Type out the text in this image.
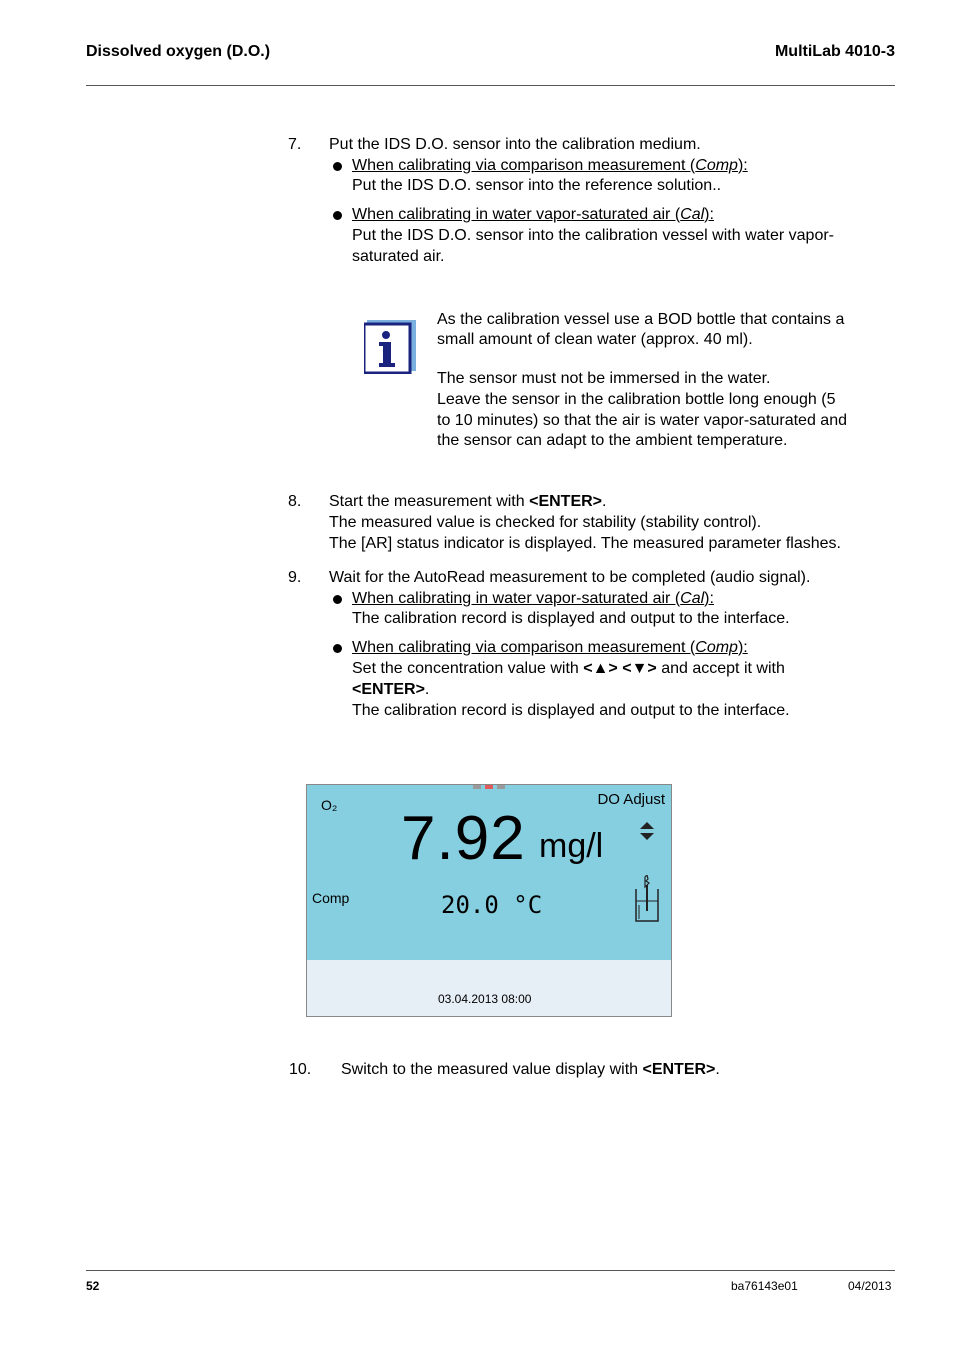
Dissolved oxygen (D.O.)	MultiLab 4010-3
7. Put the IDS D.O. sensor into the calibration medium.
When calibrating via comparison measurement (Comp):
Put the IDS D.O. sensor into the reference solution..
When calibrating in water vapor-saturated air (Cal):
Put the IDS D.O. sensor into the calibration vessel with water vapor-
saturated air.
As the calibration vessel use a BOD bottle that contains a
small amount of clean water (approx. 40 ml).
The sensor must not be immersed in the water.
Leave the sensor in the calibration bottle long enough (5
to 10 minutes) so that the air is water vapor-saturated and
the sensor can adapt to the ambient temperature.
8. Start the measurement with <ENTER>.
The measured value is checked for stability (stability control).
The [AR] status indicator is displayed. The measured parameter flashes.
9. Wait for the AutoRead measurement to be completed (audio signal).
When calibrating in water vapor-saturated air (Cal):
The calibration record is displayed and output to the interface.
When calibrating via comparison measurement (Comp):
Set the concentration value with <▲> <▼> and accept it with
<ENTER>.
The calibration record is displayed and output to the interface.
O₂	DO Adjust
7.92 mg/l
Comp	20.0 °C
03.04.2013 08:00
10. Switch to the measured value display with <ENTER>.
52	ba76143e01	04/2013
